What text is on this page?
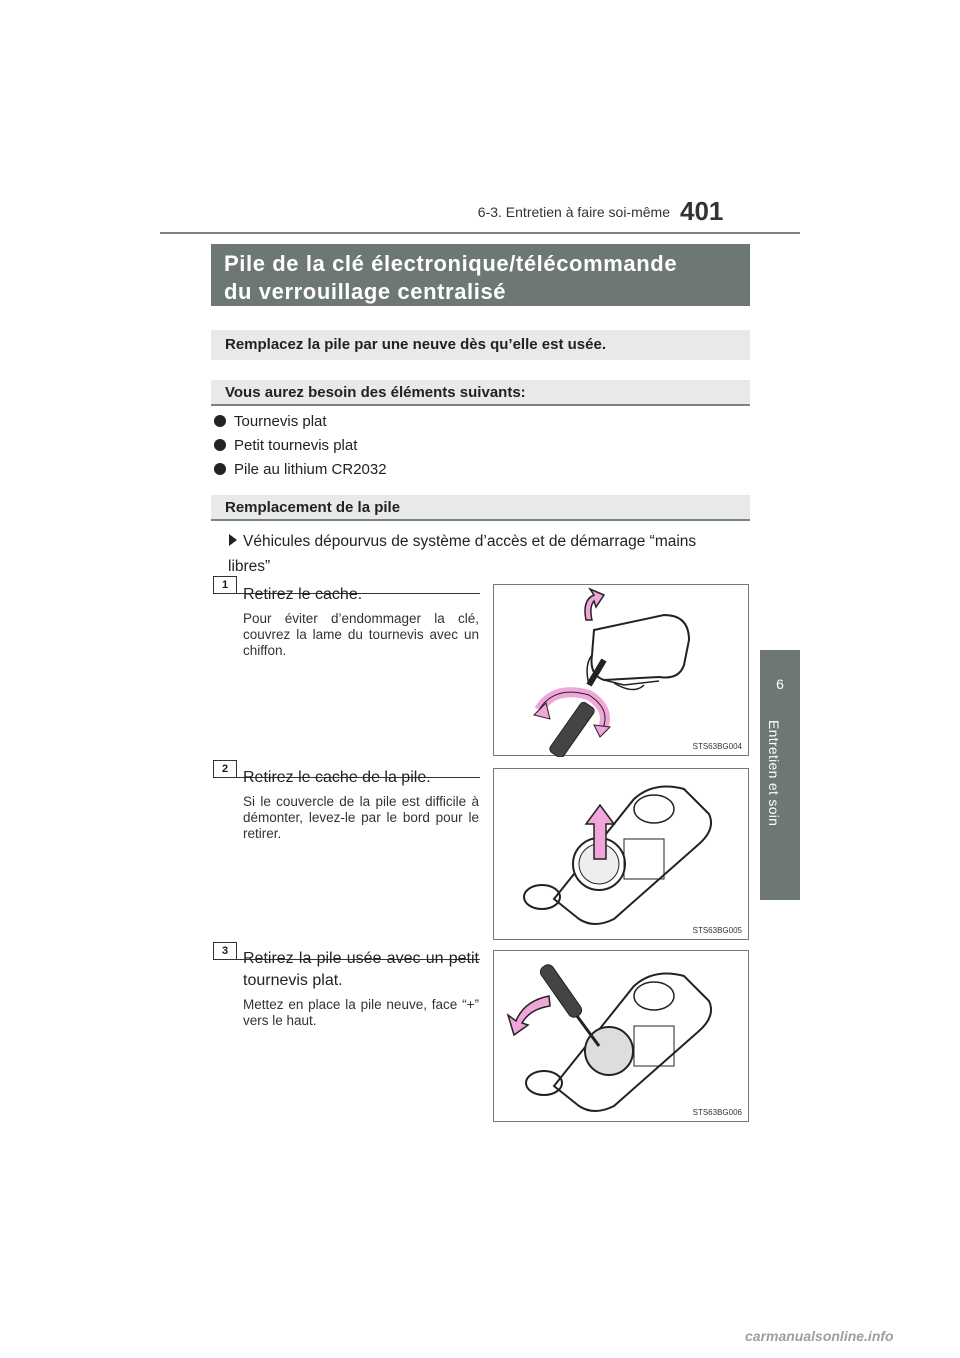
6-3. Entretien à faire soi-même 401
6
Entretien et soin
Pile de la clé électronique/télécommande
du verrouillage centralisé
Remplacez la pile par une neuve dès qu’elle est usée.
Vous aurez besoin des éléments suivants:
Tournevis plat
Petit tournevis plat
Pile au lithium CR2032
Remplacement de la pile
Véhicules dépourvus de système d’accès et de démarrage “mains
libres”
1
Retirez le cache.
Pour éviter d’endommager la clé, couvrez la lame du tournevis avec un chiffon.
STS63BG004
2 Retirez le cache de la pile.
Si le couvercle de la pile est difficile à démonter, levez-le par le bord pour le retirer.
STS63BG005
3 Retirez la pile usée avec un petit tournevis plat.
Mettez en place la pile neuve, face “+” vers le haut.
STS63BG006
carmanualsonline.info
